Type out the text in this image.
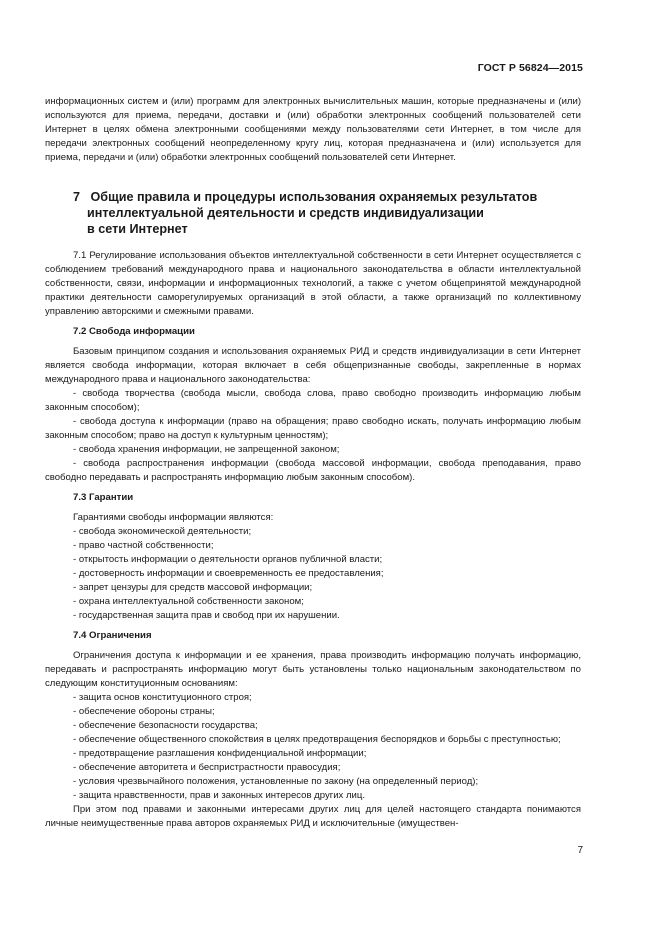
ГОСТ Р 56824—2015

информационных систем и (или) программ для электронных вычислительных машин, которые предназначены и (или) используются для приема, передачи, доставки и (или) обработки электронных сообщений пользователей сети Интернет в целях обмена электронными сообщениями между пользователями сети Интернет, в том числе для передачи электронных сообщений неопределенному кругу лиц, которая предназначена и (или) используется для приема, передачи и (или) обработки электронных сообщений пользователей сети Интернет.

7 Общие правила и процедуры использования охраняемых результатов
интеллектуальной деятельности и средств индивидуализации
в сети Интернет

7.1 Регулирование использования объектов интеллектуальной собственности в сети Интернет осуществляется с соблюдением требований международного права и национального законодательства в области интеллектуальной собственности, связи, информации и информационных технологий, а также с учетом общепринятой международной практики деятельности саморегулируемых организаций в этой области, а также организаций по коллективному управлению авторскими и смежными правами.

7.2 Свобода информации

Базовым принципом создания и использования охраняемых РИД и средств индивидуализации в сети Интернет является свобода информации, которая включает в себя общепризнанные свободы, закрепленные в нормах международного права и национального законодательства:

- свобода творчества (свобода мысли, свобода слова, право свободно производить информацию любым законным способом);

- свобода доступа к информации (право на обращения; право свободно искать, получать информацию любым законным способом; право на доступ к культурным ценностям);

- свобода хранения информации, не запрещенной законом;

- свобода распространения информации (свобода массовой информации, свобода преподавания, право свободно передавать и распространять информацию любым законным способом).

7.3 Гарантии

Гарантиями свободы информации являются:

- свобода экономической деятельности;

- право частной собственности;

- открытость информации о деятельности органов публичной власти;

- достоверность информации и своевременность ее предоставления;

- запрет цензуры для средств массовой информации;

- охрана интеллектуальной собственности законом;

- государственная защита прав и свобод при их нарушении.

7.4 Ограничения

Ограничения доступа к информации и ее хранения, права производить информацию получать информацию, передавать и распространять информацию могут быть установлены только национальным законодательством по следующим конституционным основаниям:

- защита основ конституционного строя;

- обеспечение обороны страны;

- обеспечение безопасности государства;

- обеспечение общественного спокойствия в целях предотвращения беспорядков и борьбы с преступностью;

- предотвращение разглашения конфиденциальной информации;

- обеспечение авторитета и беспристрастности правосудия;

- условия чрезвычайного положения, установленные по закону (на определенный период);

- защита нравственности, прав и законных интересов других лиц.

При этом под правами и законными интересами других лиц для целей настоящего стандарта понимаются личные неимущественные права авторов охраняемых РИД и исключительные (имуществен-

7
